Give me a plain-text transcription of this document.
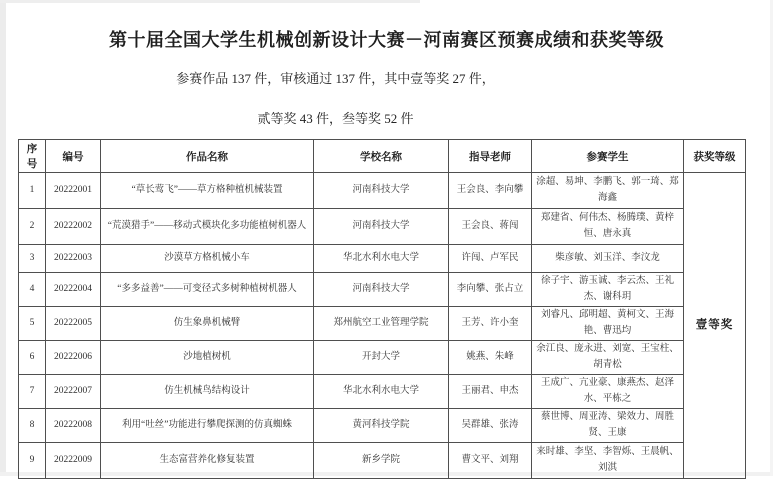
第十届全国大学生机械创新设计大赛－河南赛区预赛成绩和获奖等级
参赛作品 137 件，审核通过 137 件，其中壹等奖 27 件，
贰等奖 43 件，叁等奖 52 件
序号	编号	作品名称	学校名称	指导老师	参赛学生	获奖等级
1	20222001	“草长莺飞”——草方格种植机械装置	河南科技大学	王会良、李向攀	涂超、易坤、李鹏飞、郭一琦、郑海鑫	壹等奖
2	20222002	“荒漠猎手”——移动式模块化多功能植树机器人	河南科技大学	王会良、蒋闯	郑建省、何伟杰、杨腾璞、黄梓恒、唐永真	
3	20222003	沙漠草方格机械小车	华北水利水电大学	许闯、卢军民	柴彦敏、刘玉洋、李汶龙	
4	20222004	“多多益善”——可变径式多树种植树机器人	河南科技大学	李向攀、张占立	徐子宇、游玉诚、李云杰、王礼杰、谢科玥	
5	20222005	仿生象鼻机械臂	郑州航空工业管理学院	王芳、许小奎	刘睿凡、邱明超、黄柯文、王海艳、曹迅均	
6	20222006	沙地植树机	开封大学	姚燕、朱峰	余江良、庞永进、刘宽、王宝柱、胡青松	
7	20222007	仿生机械鸟结构设计	华北水利水电大学	王丽君、申杰	王成广、亢业豪、康燕杰、赵泽水、平栋之	
8	20222008	利用“吐丝”功能进行攀爬探测的仿真蜘蛛	黄河科技学院	吴群雄、张涛	蔡世博、周亚涛、梁效力、周胜贤、王康	
9	20222009	生态富营养化修复装置	新乡学院	曹文平、刘翔	来时雄、李坚、李智烁、王晨帆、刘淇	
